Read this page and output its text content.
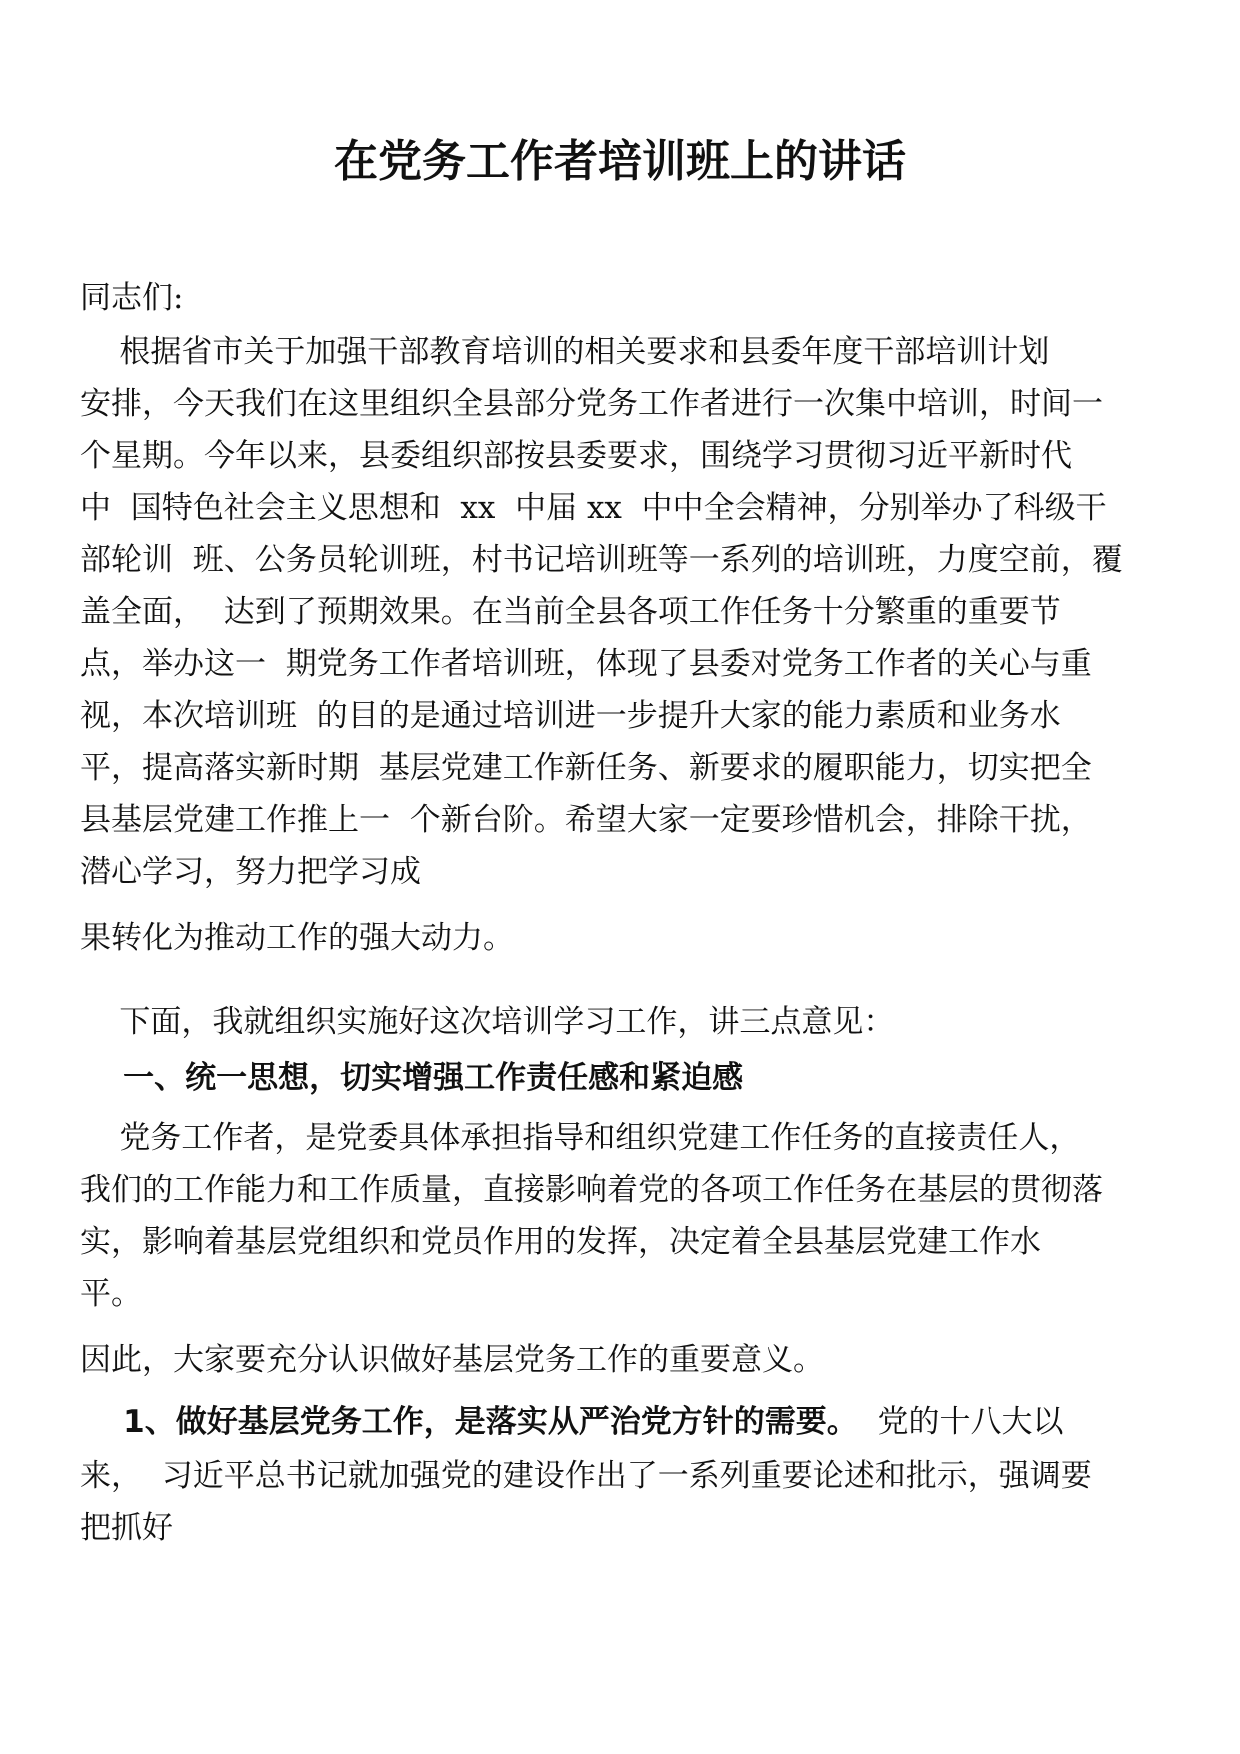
在党务工作者培训班上的讲话
同志们:
根据省市关于加强干部教育培训的相关要求和县委年度干部培训计划
安排，今天我们在这里组织全县部分党务工作者进行一次集中培训，时间一
个星期。今年以来，县委组织部按县委要求，围绕学习贯彻习近平新时代
中  国特色社会主义思想和  xx  中届 xx  中中全会精神，分别举办了科级干
部轮训  班、公务员轮训班，村书记培训班等一系列的培训班，力度空前，覆
盖全面，  达到了预期效果。在当前全县各项工作任务十分繁重的重要节
点，举办这一  期党务工作者培训班，体现了县委对党务工作者的关心与重
视，本次培训班  的目的是通过培训进一步提升大家的能力素质和业务水
平，提高落实新时期  基层党建工作新任务、新要求的履职能力，切实把全
县基层党建工作推上一  个新台阶。希望大家一定要珍惜机会，排除干扰，
潜心学习，努力把学习成
果转化为推动工作的强大动力。
下面，我就组织实施好这次培训学习工作，讲三点意见：
一、统一思想，切实增强工作责任感和紧迫感
党务工作者，是党委具体承担指导和组织党建工作任务的直接责任人，
我们的工作能力和工作质量，直接影响着党的各项工作任务在基层的贯彻落
实，影响着基层党组织和党员作用的发挥，决定着全县基层党建工作水
平。
因此，大家要充分认识做好基层党务工作的重要意义。
1、做好基层党务工作，是落实从严治党方针的需要。  党的十八大以
来，  习近平总书记就加强党的建设作出了一系列重要论述和批示，强调要
把抓好
